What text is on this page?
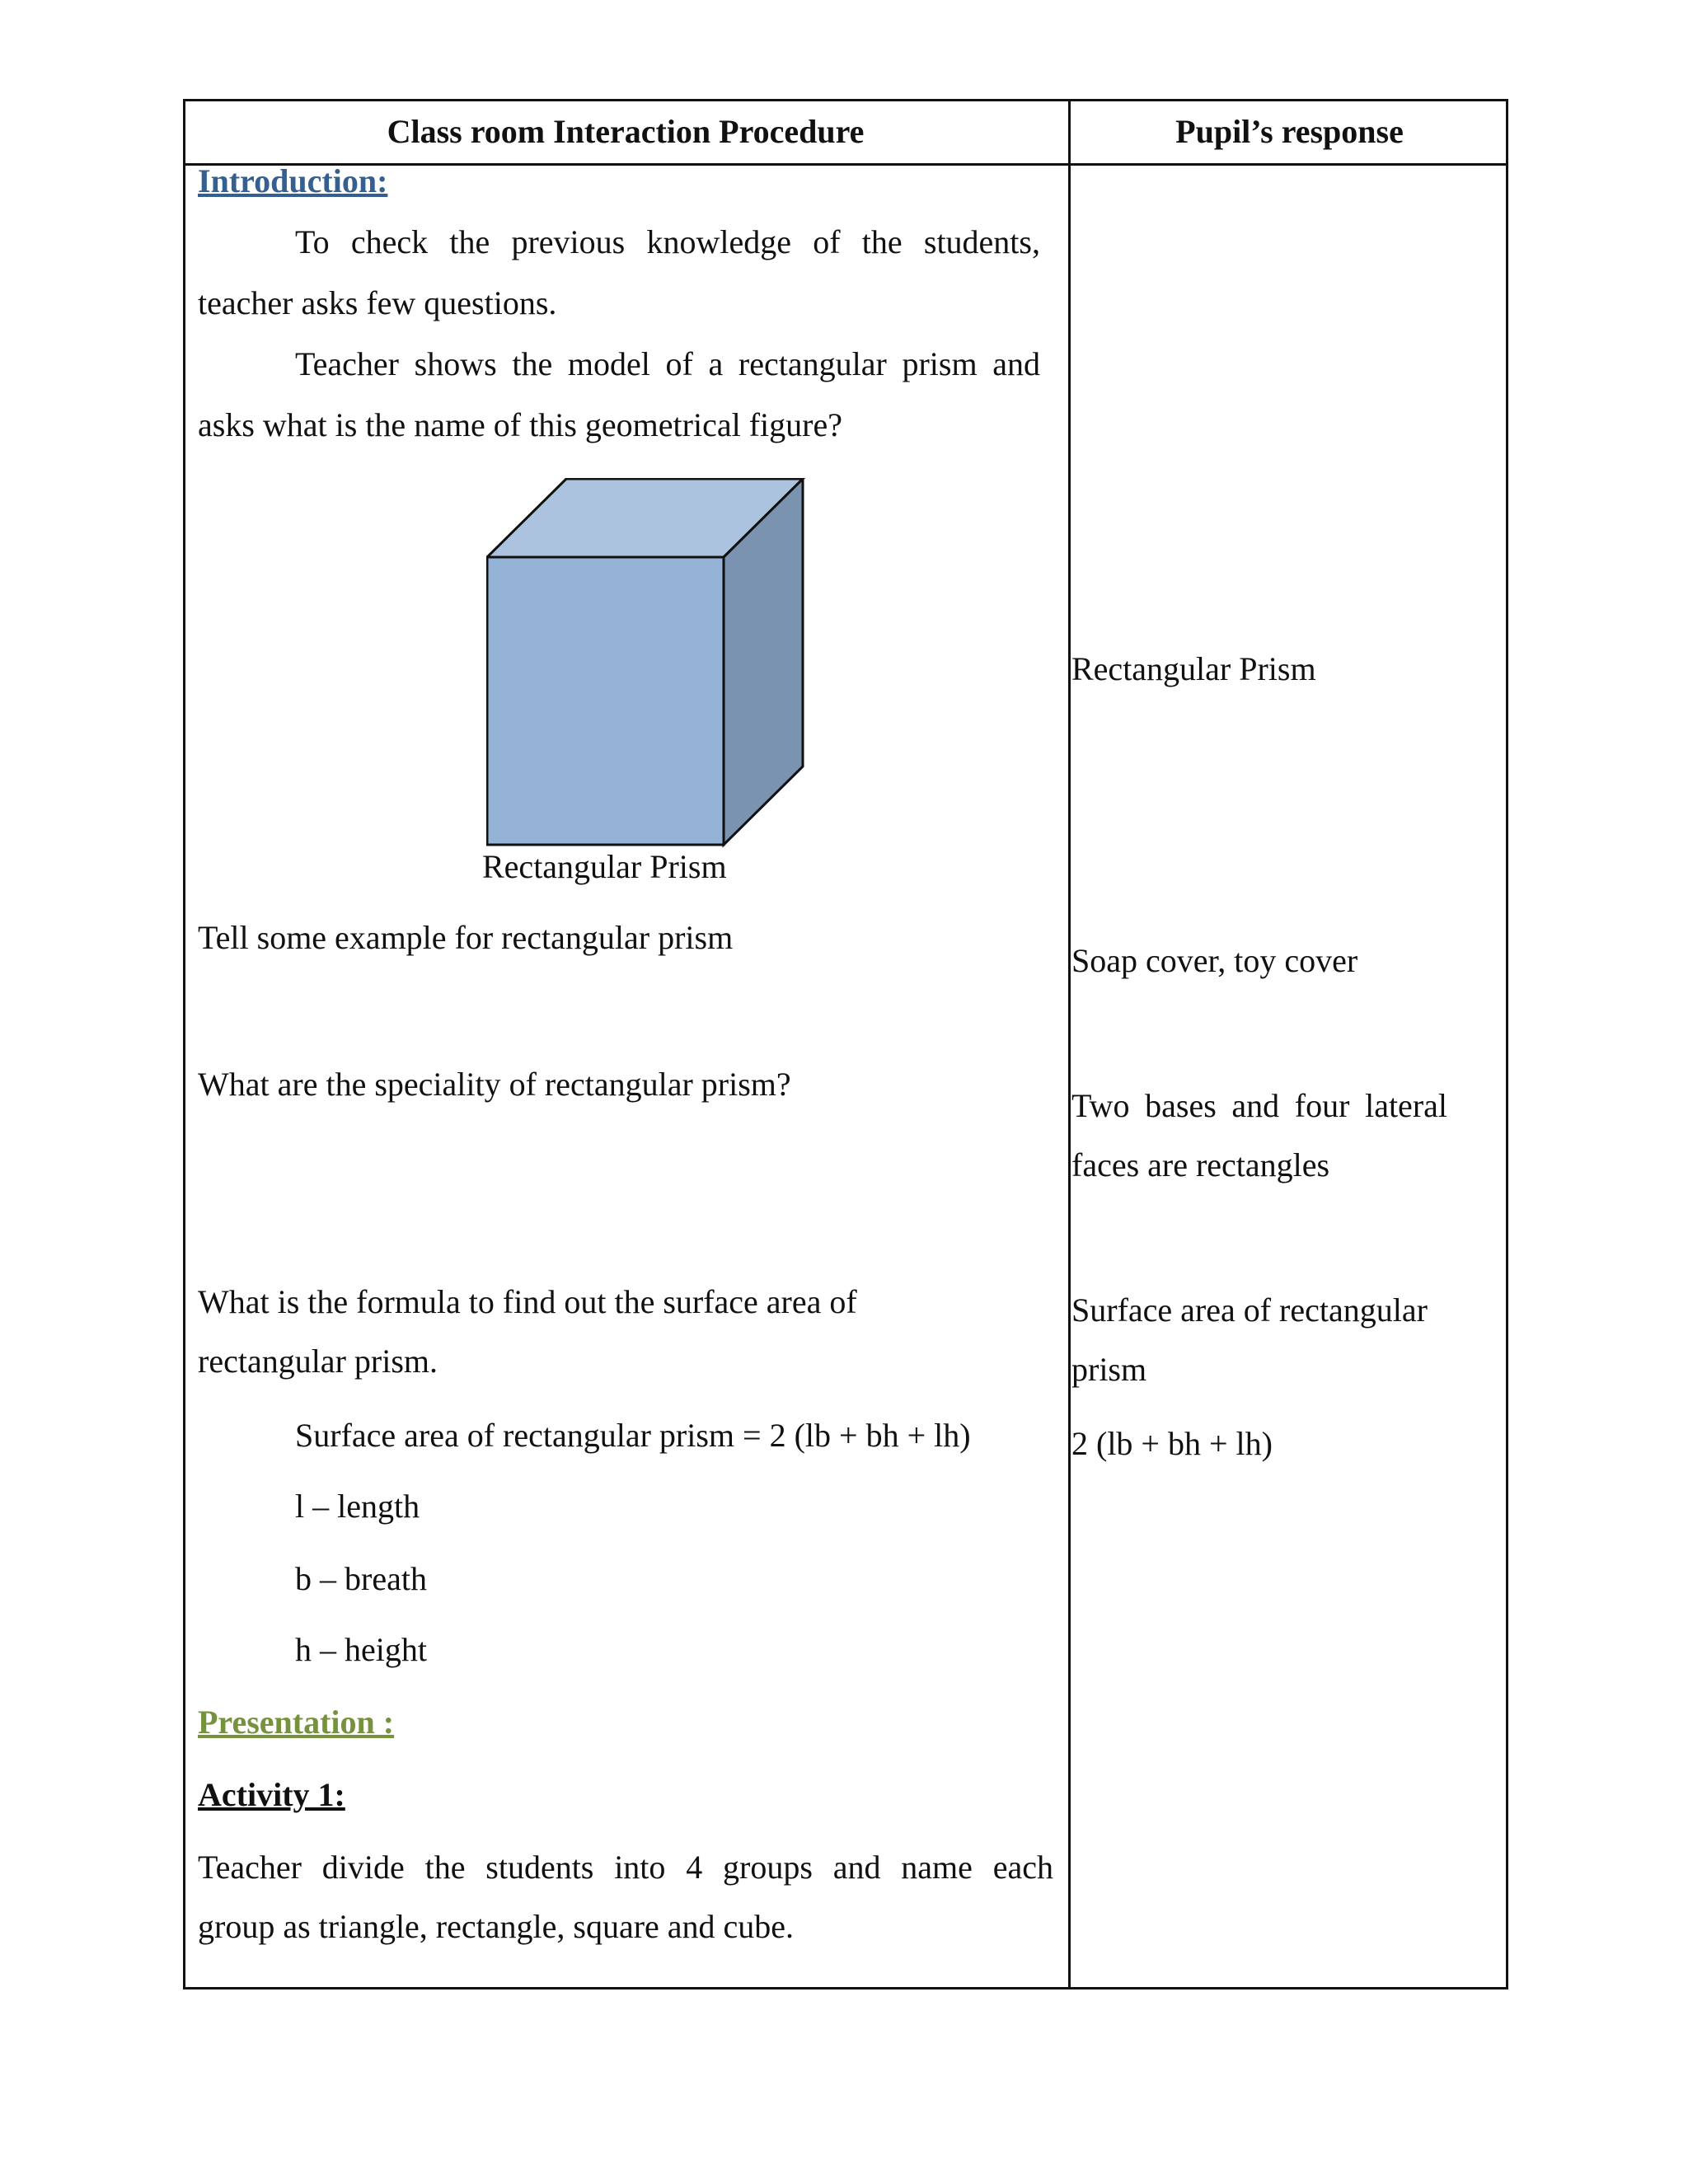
Class room Interaction Procedure	Pupil’s response

Introduction:

To check the previous knowledge of the students,

teacher asks few questions.

Teacher shows the model of a rectangular prism and

asks what is the name of this geometrical figure?

Rectangular Prism

Tell some example for rectangular prism

What are the speciality of rectangular prism?

What is the formula to find out the surface area of

rectangular prism.

Surface area of rectangular prism = 2 (lb + bh + lh)

l – length

b – breath

h – height

Presentation :

Activity 1:

Teacher divide the students into 4 groups and name each

group as triangle, rectangle, square and cube.

Rectangular Prism

Soap cover, toy cover

Two bases and four lateral

faces are rectangles

Surface area of rectangular

prism

2 (lb + bh + lh)
